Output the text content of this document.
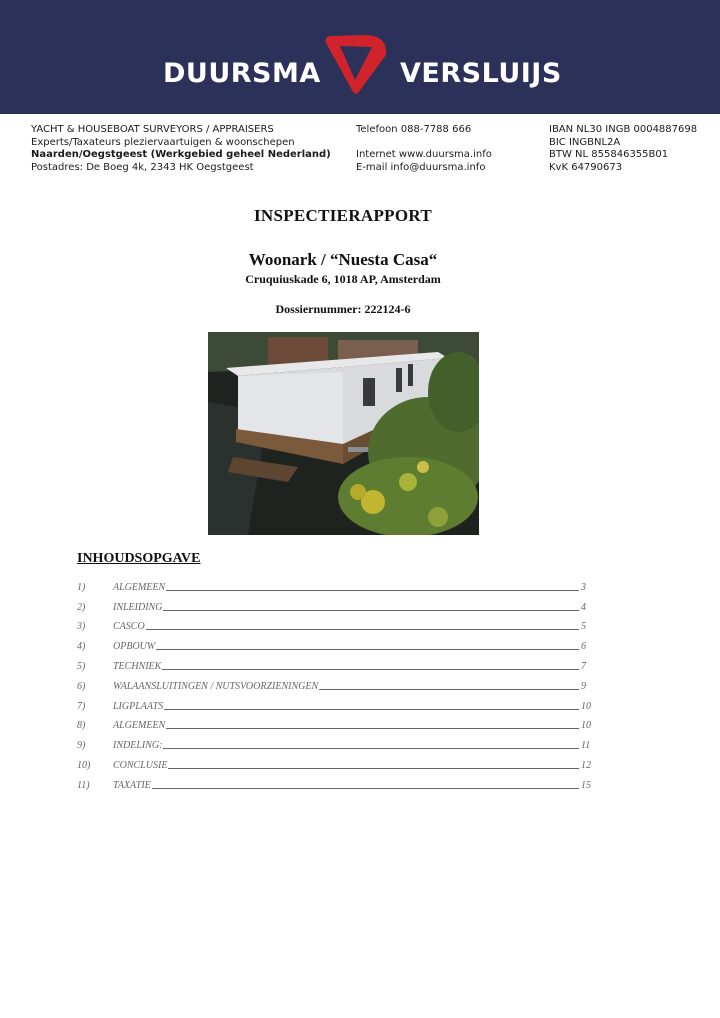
DUURSMA	VERSLUIJS
YACHT & HOUSEBOAT SURVEYORS / APPRAISERS
Experts/Taxateurs pleziervaartuigen & woonschepen
Naarden/Oegstgeest (Werkgebied geheel Nederland)
Postadres: De Boeg 4k, 2343 HK Oegstgeest
Telefoon 088-7788 666

Internet www.duursma.info
E-mail info@duursma.info
IBAN NL30 INGB 0004887698
BIC INGBNL2A
BTW NL 855846355B01
KvK 64790673
INSPECTIERAPPORT
Woonark / “Nuesta Casa“
Cruquiuskade 6, 1018 AP, Amsterdam
Dossiernummer: 222124-6
INHOUDSOPGAVE
1)	ALGEMEEN	3
2)	INLEIDING	4
3)	CASCO	5
4)	OPBOUW	6
5)	TECHNIEK	7
6)	WALAANSLUITINGEN / NUTSVOORZIENINGEN	9
7)	LIGPLAATS	10
8)	ALGEMEEN	10
9)	INDELING:	11
10)	CONCLUSIE	12
11)	TAXATIE	15
